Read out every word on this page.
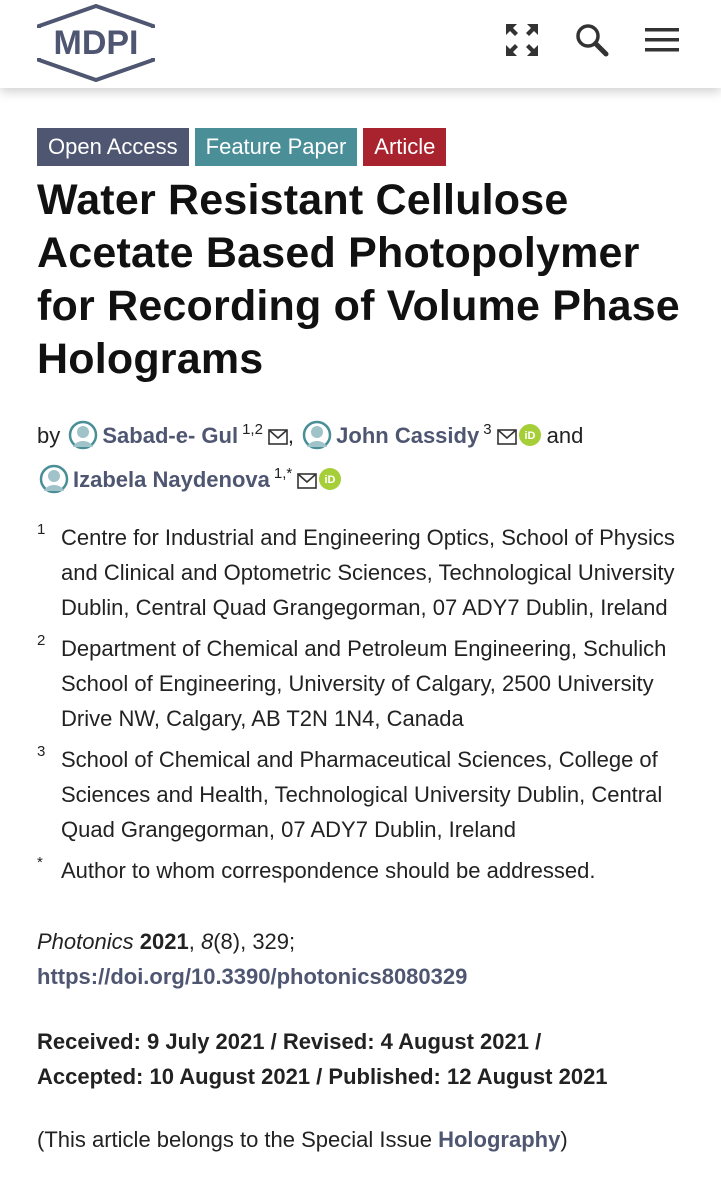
MDPI
Open Access	Feature Paper	Article
Water Resistant Cellulose Acetate Based Photopolymer for Recording of Volume Phase Holograms
by Sabad-e- Gul $^{1,2}$ ,
John Cassidy $^3$	iD and

Izabela Naydenova $^{1,*}$	iD
1 Centre for Industrial and Engineering Optics, School of Physics and Clinical and Optometric Sciences, Technological University Dublin, Central Quad Grangegorman, 07 ADY7 Dublin, Ireland
2 Department of Chemical and Petroleum Engineering, Schulich School of Engineering, University of Calgary, 2500 University Drive NW, Calgary, AB T2N 1N4, Canada
3 School of Chemical and Pharmaceutical Sciences, College of Sciences and Health, Technological University Dublin, Central Quad Grangegorman, 07 ADY7 Dublin, Ireland
* Author to whom correspondence should be addressed.
Photonics 2021, 8(8), 329;
https://doi.org/10.3390/photonics8080329
Received: 9 July 2021 / Revised: 4 August 2021 /
Accepted: 10 August 2021 / Published: 12 August 2021
(This article belongs to the Special Issue Holography)
